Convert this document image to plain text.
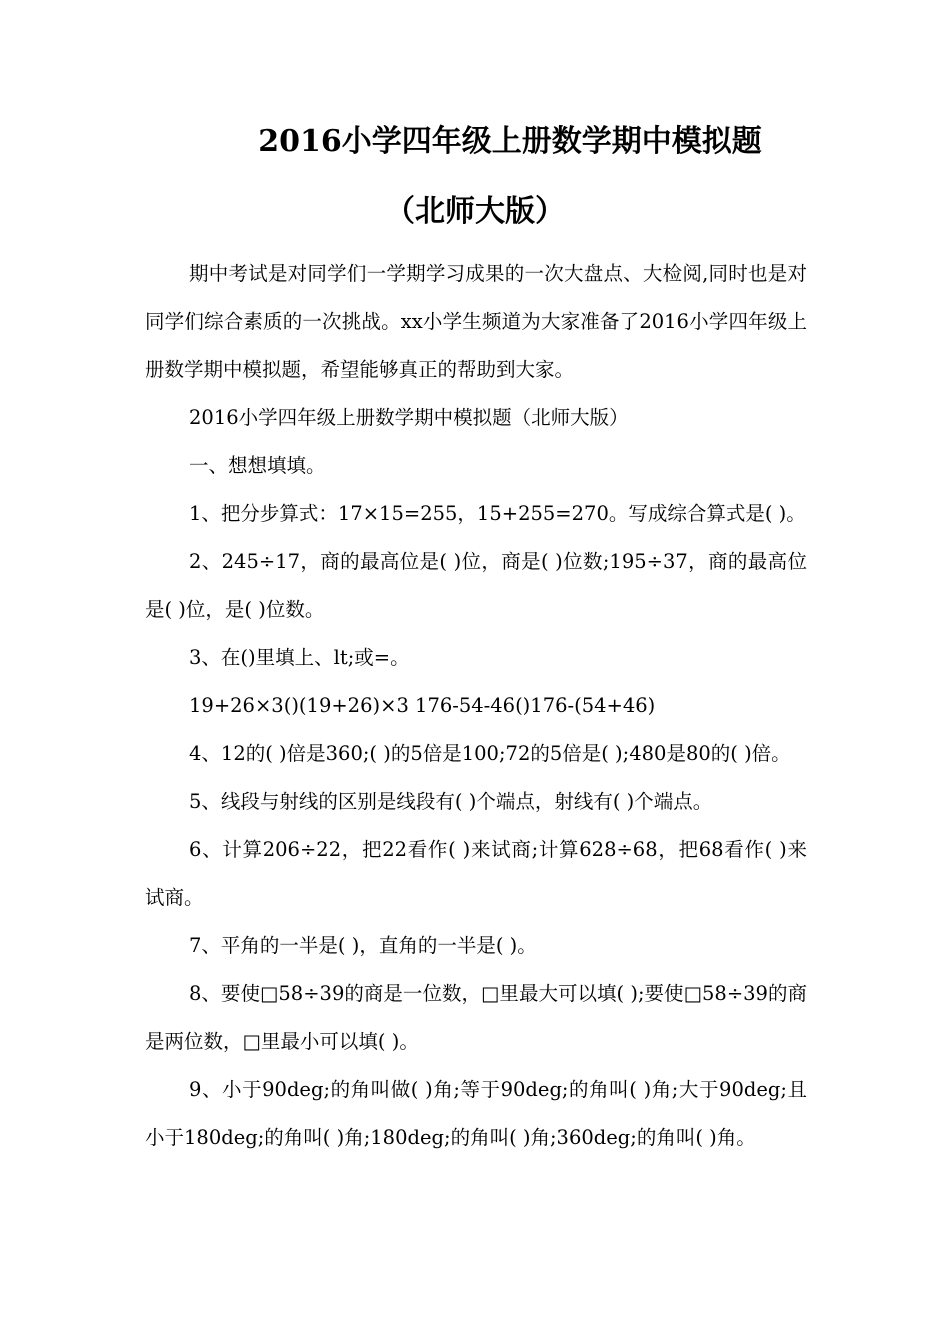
2016小学四年级上册数学期中模拟题
（北师大版）

期中考试是对同学们一学期学习成果的一次大盘点、大检阅,同时也是对同学们综合素质的一次挑战。xx小学生频道为大家准备了2016小学四年级上册数学期中模拟题，希望能够真正的帮助到大家。

2016小学四年级上册数学期中模拟题（北师大版）

一、想想填填。

1、把分步算式：17×15=255，15+255=270。写成综合算式是( )。

2、245÷17，商的最高位是( )位，商是( )位数;195÷37，商的最高位是( )位，是( )位数。

3、在()里填上、lt;或=。

19+26×3()(19+26)×3 176-54-46()176-(54+46)

4、12的( )倍是360;( )的5倍是100;72的5倍是( );480是80的( )倍。

5、线段与射线的区别是线段有( )个端点，射线有( )个端点。

6、计算206÷22，把22看作( )来试商;计算628÷68，把68看作( )来试商。

7、平角的一半是( )，直角的一半是( )。

8、要使□58÷39的商是一位数，□里最大可以填( );要使□58÷39的商是两位数，□里最小可以填( )。

9、小于90deg;的角叫做( )角;等于90deg;的角叫( )角;大于90deg;且小于180deg;的角叫( )角;180deg;的角叫( )角;360deg;的角叫( )角。
